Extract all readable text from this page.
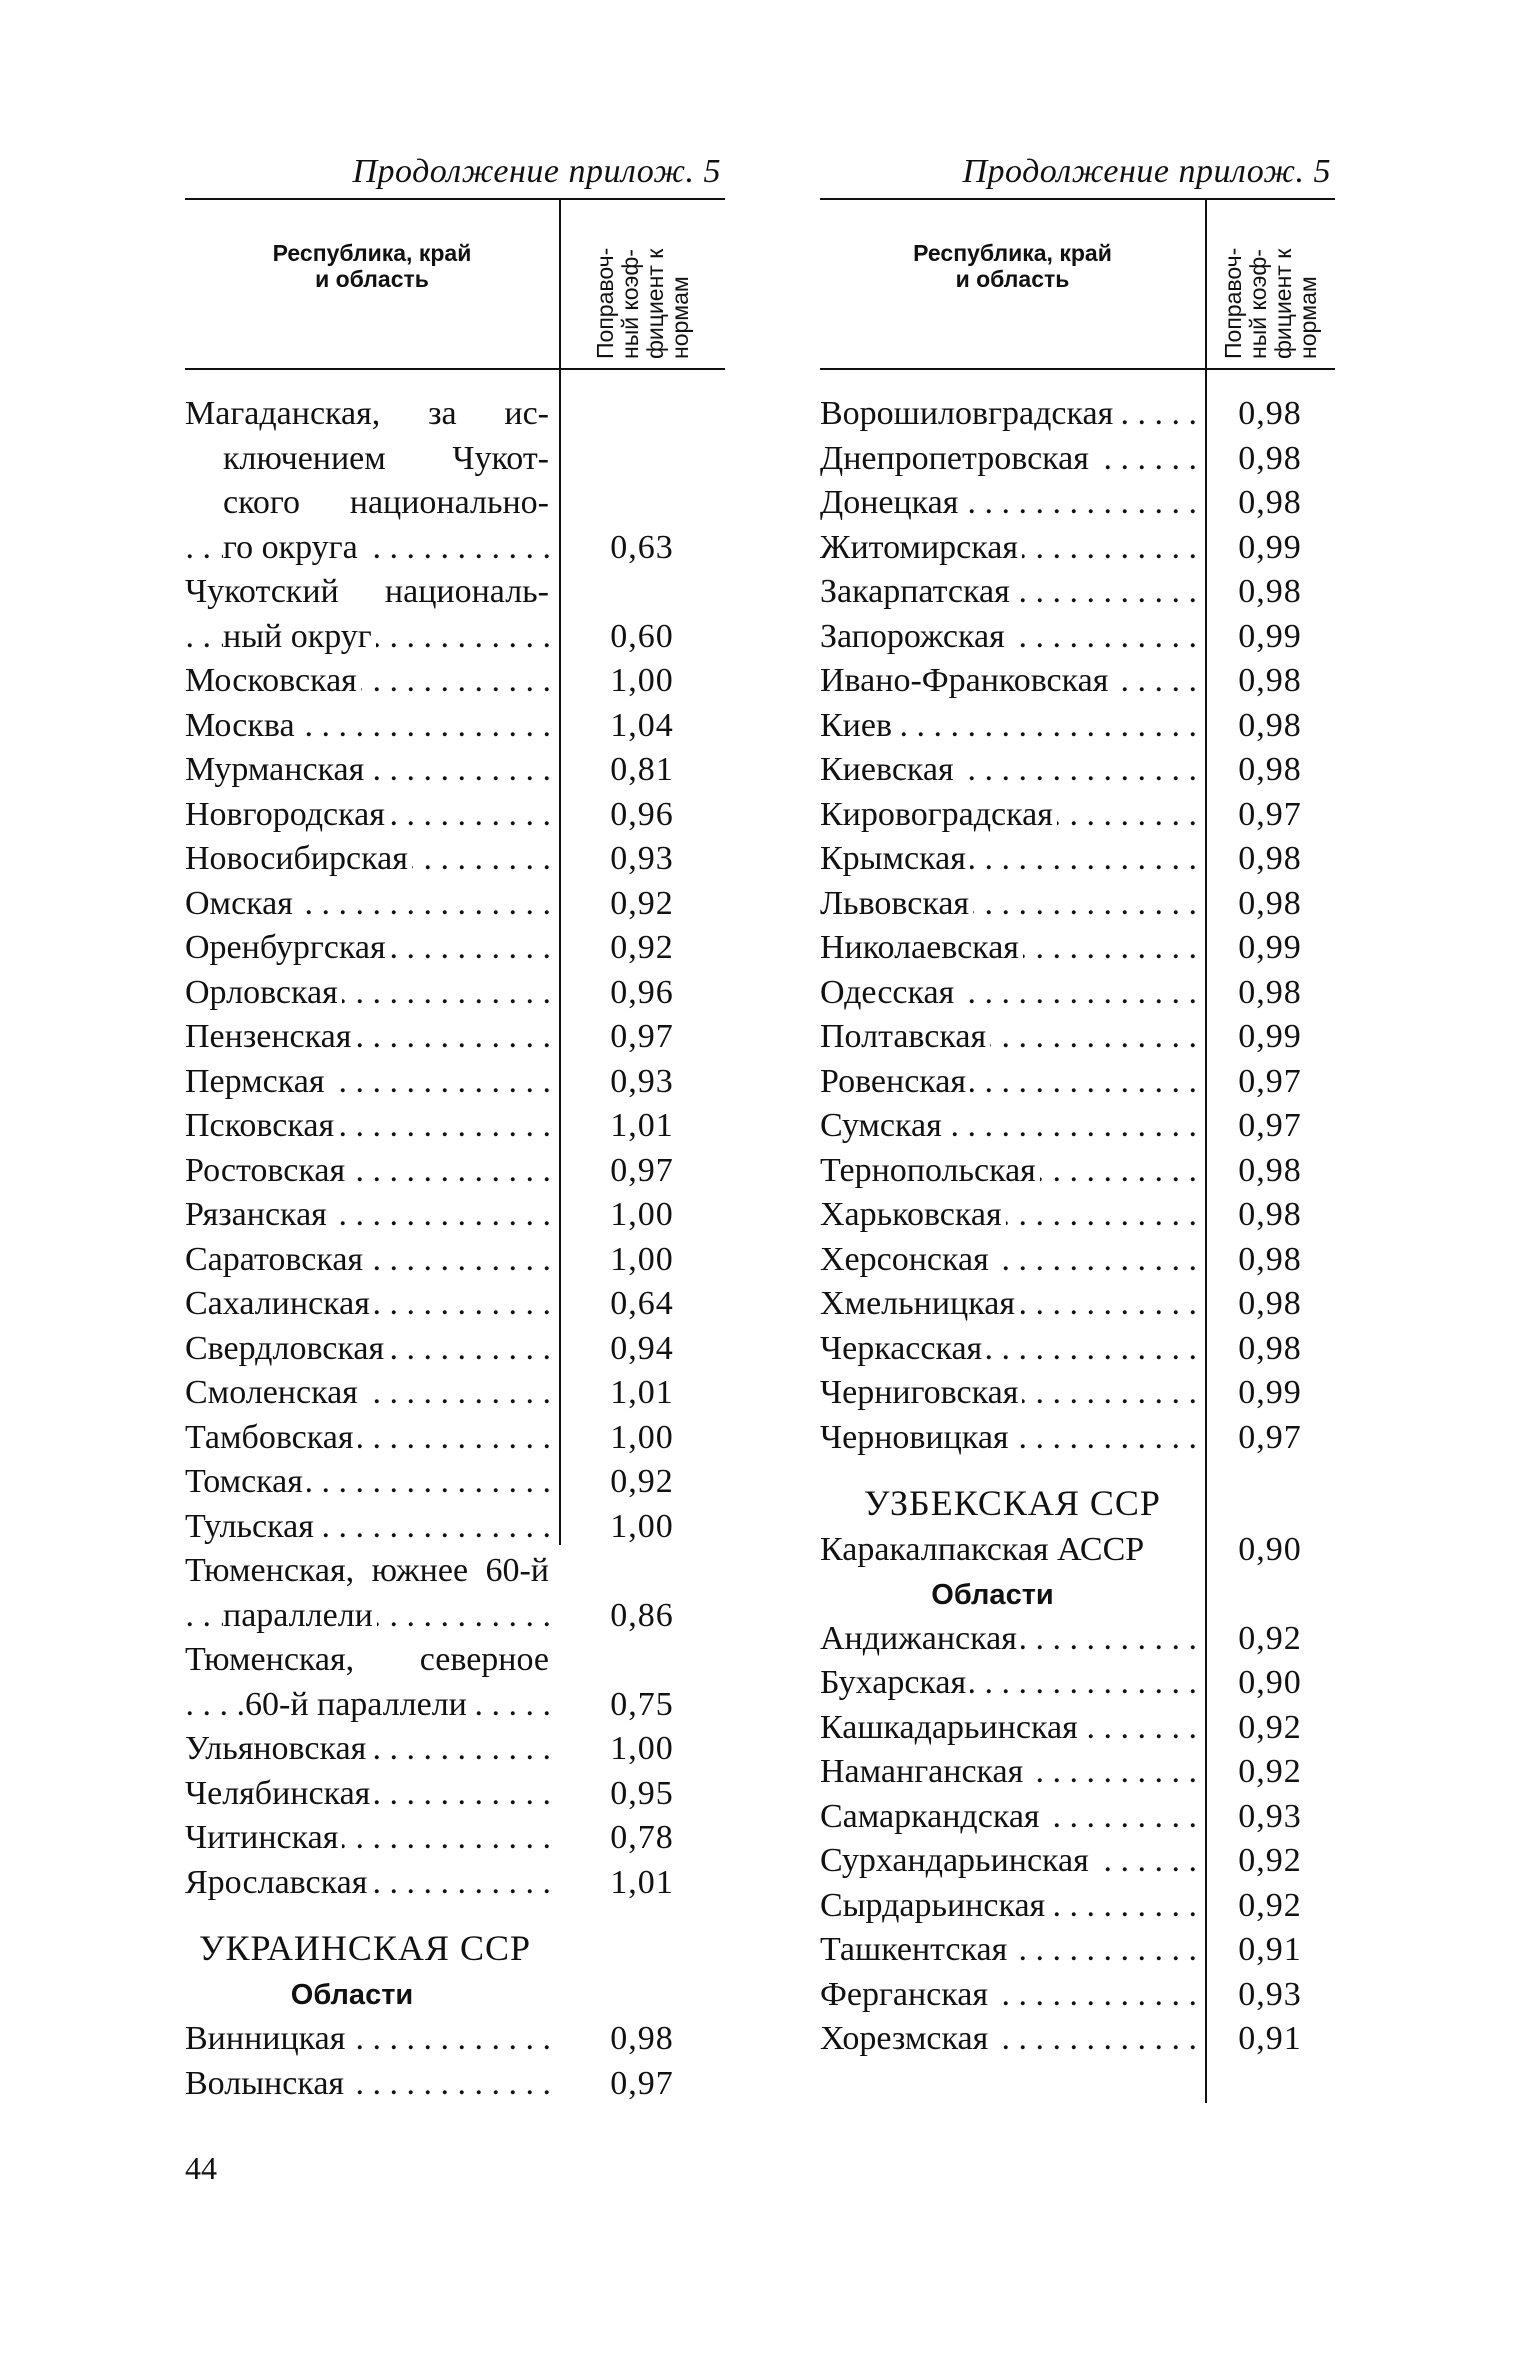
Продолжение прилож. 5
Республика, край
и область	Поправоч-
ный коэф-
фициент к
нормам
Магаданская, за ис-
ключением Чукот-
ского национально-
го округа . . .	0,63
Чукотский националь-
ный округ . . .	0,60
Московская . . .	1,00
Москва . . .	1,04
Мурманская . . .	0,81
Новгородская . . .	0,96
Новосибирская . . .	0,93
Омская . . .	0,92
Оренбургская . . .	0,92
Орловская . . .	0,96
Пензенская . . .	0,97
Пермская . . .	0,93
Псковская . . .	1,01
Ростовская . . .	0,97
Рязанская . . .	1,00
Саратовская . . .	1,00
Сахалинская . . .	0,64
Свердловская . . .	0,94
Смоленская . . .	1,01
Тамбовская . . .	1,00
Томская . . .	0,92
Тульская . . .	1,00
Тюменская, южнее 60-й
параллели . . .	0,86
Тюменская, северное
60-й параллели . . .	0,75
Ульяновская . . .	1,00
Челябинская . . .	0,95
Читинская . . .	0,78
Ярославская . . .	1,01
УКРАИНСКАЯ ССР
Области
Винницкая . . .	0,98
Волынская . . .	0,97
Продолжение прилож. 5
Республика, край
и область	Поправоч-
ный коэф-
фициент к
нормам
Ворошиловградская . . .	0,98
Днепропетровская . . .	0,98
Донецкая . . .	0,98
Житомирская . . .	0,99
Закарпатская . . .	0,98
Запорожская . . .	0,99
Ивано-Франковская . . .	0,98
Киев . . .	0,98
Киевская . . .	0,98
Кировоградская . . .	0,97
Крымская . . .	0,98
Львовская . . .	0,98
Николаевская . . .	0,99
Одесская . . .	0,98
Полтавская . . .	0,99
Ровенская . . .	0,97
Сумская . . .	0,97
Тернопольская . . .	0,98
Харьковская . . .	0,98
Херсонская . . .	0,98
Хмельницкая . . .	0,98
Черкасская . . .	0,98
Черниговская . . .	0,99
Черновицкая . . .	0,97
УЗБЕКСКАЯ ССР
Каракалпакская АССР	0,90
Области
Андижанская . . .	0,92
Бухарская . . .	0,90
Кашкадарьинская . . .	0,92
Наманганская . . .	0,92
Самаркандская . . .	0,93
Сурхандарьинская . . .	0,92
Сырдарьинская . . .	0,92
Ташкентская . . .	0,91
Ферганская . . .	0,93
Хорезмская . . .	0,91
44
